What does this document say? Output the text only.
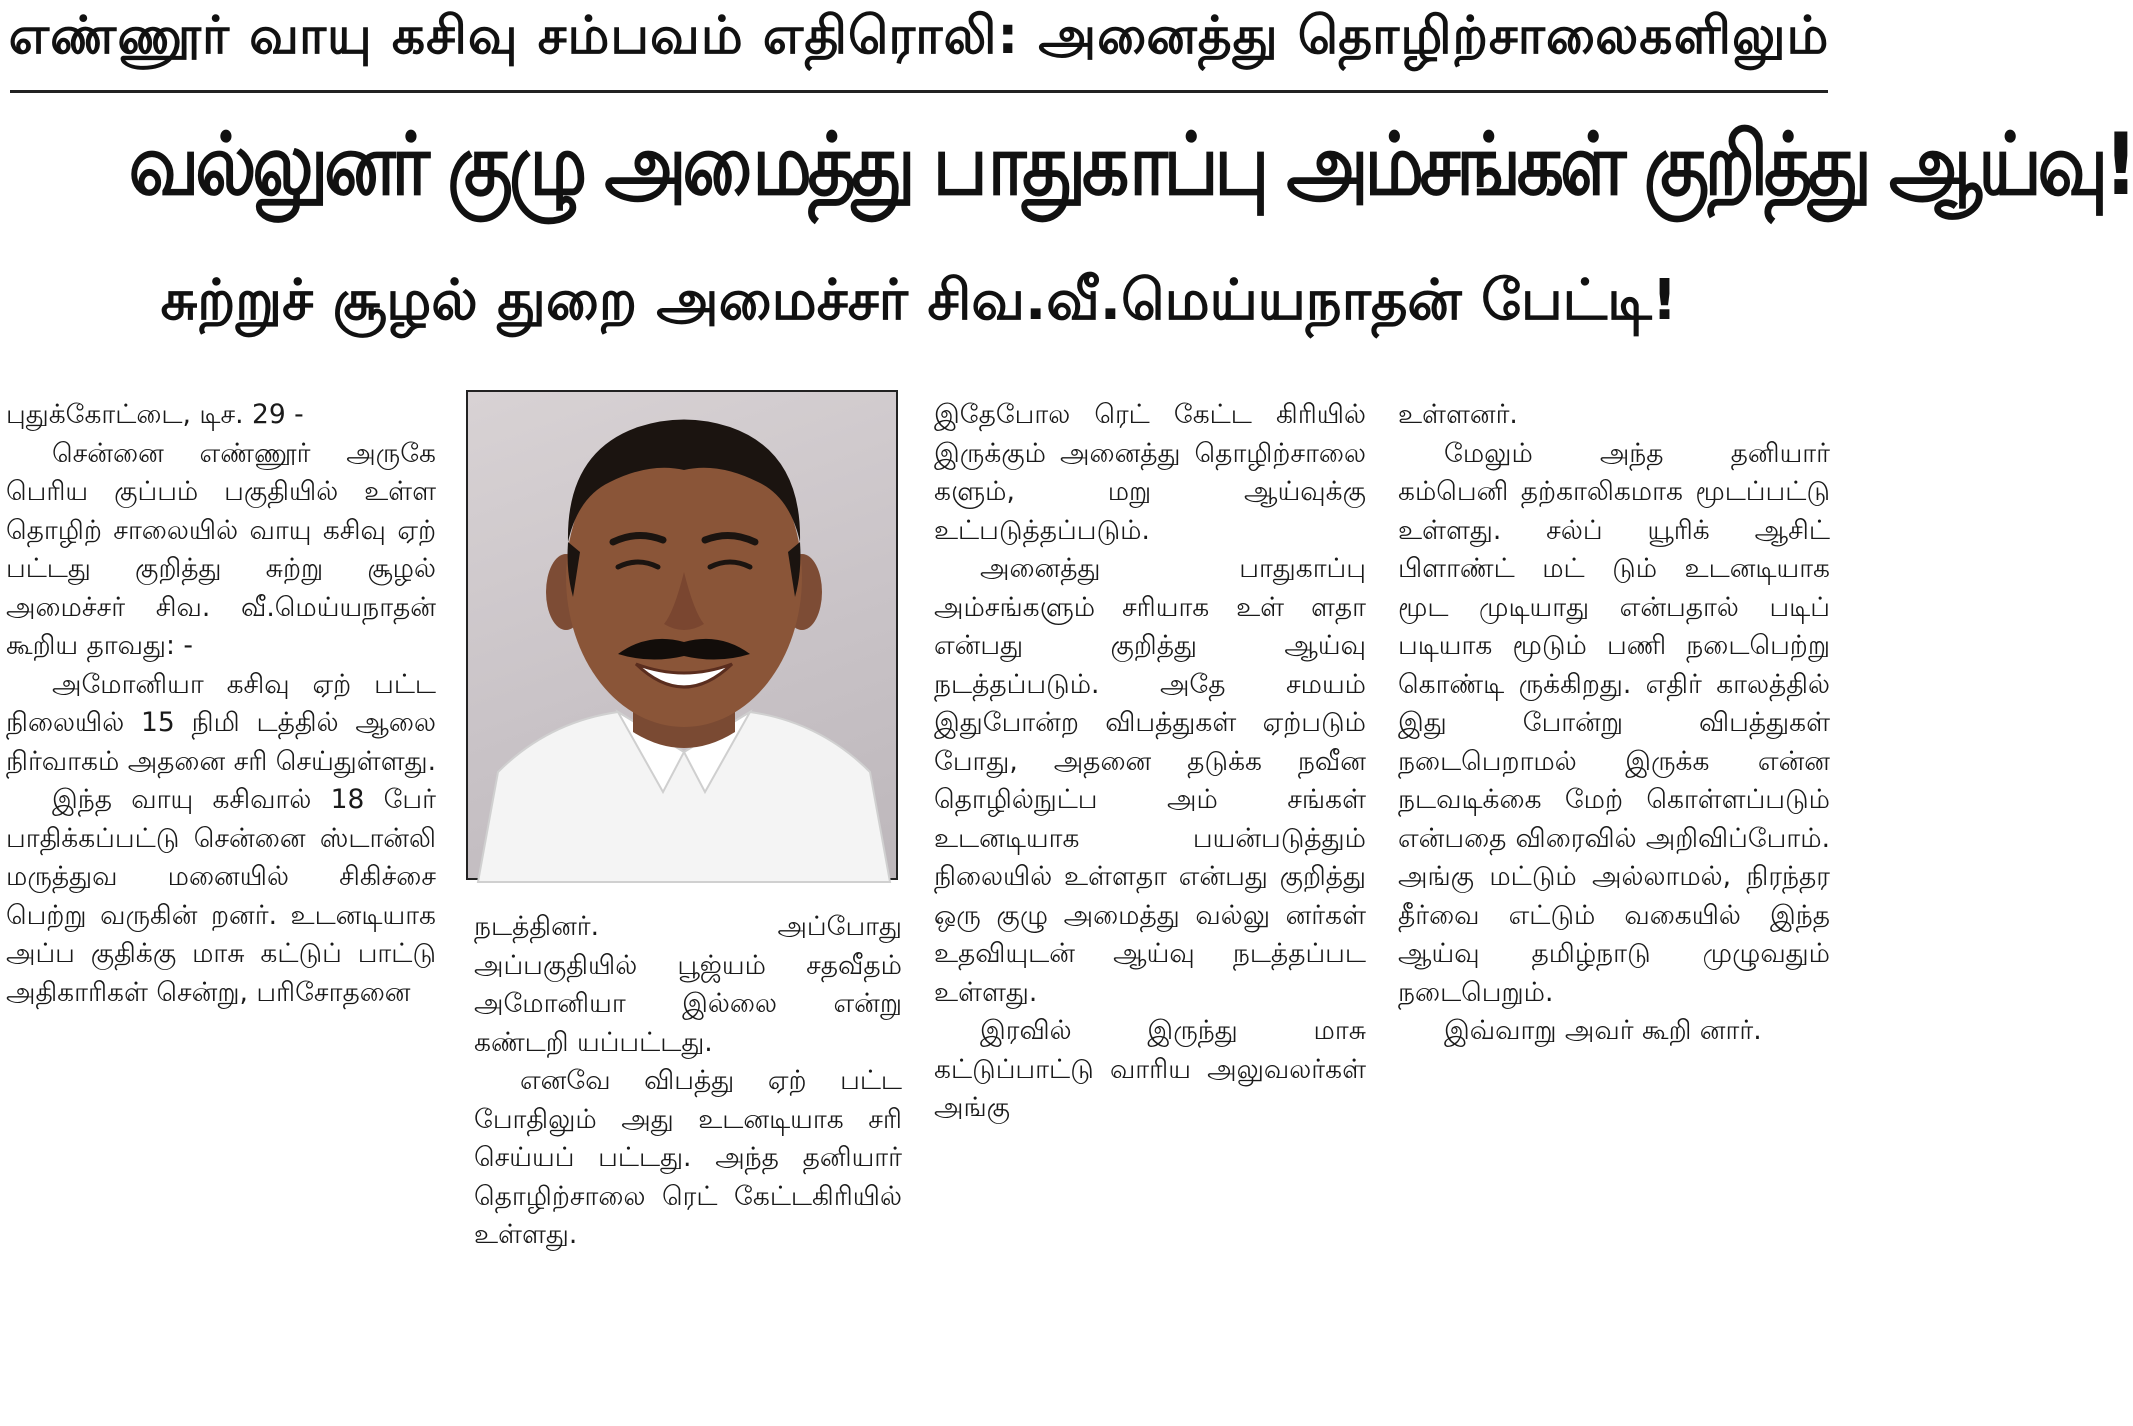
எண்ணூர் வாயு கசிவு சம்பவம் எதிரொலி: அனைத்து தொழிற்சாலைகளிலும்
வல்லுனர் குழு அமைத்து பாதுகாப்பு அம்சங்கள் குறித்து ஆய்வு!
சுற்றுச் சூழல் துறை அமைச்சர் சிவ.வீ.மெய்யநாதன் பேட்டி!

புதுக்கோட்டை, டிச. 29 -

சென்னை எண்ணூர் அருகே பெரிய குப்பம் பகுதியில் உள்ள தொழிற் சாலையில் வாயு கசிவு ஏற் பட்டது குறித்து சுற்று சூழல் அமைச்சர் சிவ. வீ.மெய்யநாதன் கூறிய தாவது: -

அமோனியா கசிவு ஏற் பட்ட நிலையில் 15 நிமி டத்தில் ஆலை நிர்வாகம் அதனை சரி செய்துள்ளது.

இந்த வாயு கசிவால் 18 பேர் பாதிக்கப்பட்டு சென்னை ஸ்டான்லி மருத்துவ மனையில் சிகிச்சை பெற்று வருகின் றனர். உடனடியாக அப்ப குதிக்கு மாசு கட்டுப் பாட்டு அதிகாரிகள் சென்று, பரிசோதனை

நடத்தினர். அப்போது அப்பகுதியில் பூஜ்யம் சதவீதம் அமோனியா இல்லை என்று கண்டறி யப்பட்டது.

எனவே விபத்து ஏற் பட்ட போதிலும் அது உடனடியாக சரி செய்யப் பட்டது. அந்த தனியார் தொழிற்சாலை ரெட் கேட்டகிரியில் உள்ளது.

இதேபோல ரெட் கேட்ட கிரியில் இருக்கும் அனைத்து தொழிற்சாலை களும், மறு ஆய்வுக்கு உட்படுத்தப்படும்.

அனைத்து பாதுகாப்பு அம்சங்களும் சரியாக உள் ளதா என்பது குறித்து ஆய்வு நடத்தப்படும். அதே சமயம் இதுபோன்ற விபத்துகள் ஏற்படும் போது, அதனை தடுக்க நவீன தொழில்நுட்ப அம் சங்கள் உடனடியாக பயன்படுத்தும் நிலையில் உள்ளதா என்பது குறித்து ஒரு குழு அமைத்து வல்லு னர்கள் உதவியுடன் ஆய்வு நடத்தப்பட உள்ளது.

இரவில் இருந்து மாசு கட்டுப்பாட்டு வாரிய அலுவலர்கள் அங்கு

உள்ளனர்.

மேலும் அந்த தனியார் கம்பெனி தற்காலிகமாக மூடப்பட்டு உள்ளது. சல்ப் யூரிக் ஆசிட் பிளாண்ட் மட் டும் உடனடியாக மூட முடியாது என்பதால் படிப் படியாக மூடும் பணி நடைபெற்று கொண்டி ருக்கிறது. எதிர் காலத்தில் இது போன்று விபத்துகள் நடைபெறாமல் இருக்க என்ன நடவடிக்கை மேற் கொள்ளப்படும் என்பதை விரைவில் அறிவிப்போம். அங்கு மட்டும் அல்லாமல், நிரந்தர தீர்வை எட்டும் வகையில் இந்த ஆய்வு தமிழ்நாடு முழுவதும் நடைபெறும்.

இவ்வாறு அவர் கூறி னார்.
